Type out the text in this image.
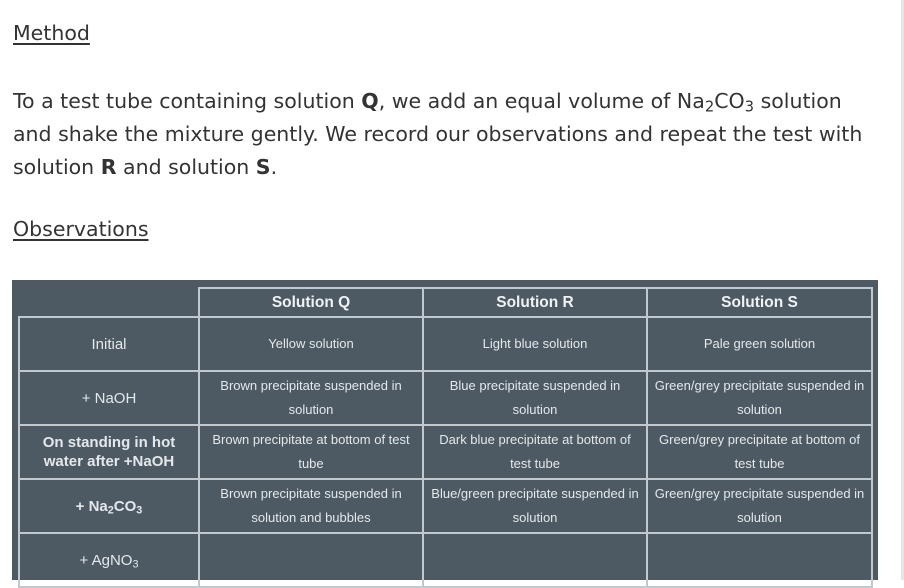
Method

To a test tube containing solution Q, we add an equal volume of $Na_2CO_3$ solution and shake the mixture gently. We record our observations and repeat the test with solution R and solution S.

Observations
	Solution Q	Solution R	Solution S
Initial	Yellow solution	Light blue solution	Pale green solution
+ NaOH	Brown precipitate suspended in solution	Blue precipitate suspended in solution	Green/grey precipitate suspended in solution
On standing in hot water after +NaOH	Brown precipitate at bottom of test tube	Dark blue precipitate at bottom of test tube	Green/grey precipitate at bottom of test tube
+ $Na_2CO_3$	Brown precipitate suspended in solution and bubbles	Blue/green precipitate suspended in solution	Green/grey precipitate suspended in solution
+ AgNO$_3$			
